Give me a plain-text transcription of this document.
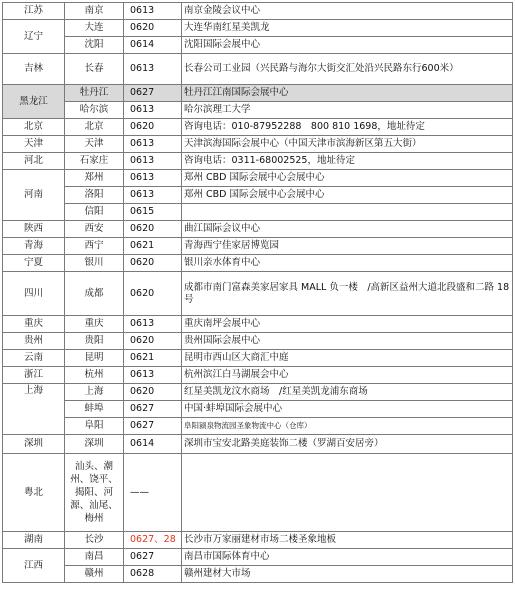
江苏	南京	0613	南京金陵会议中心
辽宁	大连	0620	大连华南红星美凯龙
	沈阳	0614	沈阳国际会展中心
吉林	长春	0613	长春公司工业园（兴民路与海尔大街交汇处沿兴民路东行600米）
黑龙江	牡丹江	0627	牡丹江江南国际会展中心
	哈尔滨	0613	哈尔滨理工大学
北京	北京	0620	咨询电话：010-87952288　800 810 1698，地址待定
天津	天津	0613	天津滨海国际会展中心（中国天津市滨海新区第五大街）
河北	石家庄	0613	咨询电话：0311-68002525，地址待定
河南	郑州	0613	郑州 CBD 国际会展中心会展中心
	洛阳	0613	郑州 CBD 国际会展中心会展中心
	信阳	0615	
陕西	西安	0620	曲江国际会议中心
青海	西宁	0621	青海西宁佳家居博览园
宁夏	银川	0620	银川亲水体育中心
四川	成都	0620	成都市南门富森美家居家具 MALL 负一楼　/高新区益州大道北段盛和二路 18 号
重庆	重庆	0613	重庆南坪会展中心
贵州	贵阳	0620	贵州国际会展中心
云南	昆明	0621	昆明市西山区大商汇中庭
浙江	杭州	0613	杭州滨江白马湖展会中心
上海	上海	0620	红星美凯龙汶水商场　/红星美凯龙浦东商场
	蚌埠	0627	中国·蚌埠国际会展中心
	阜阳	0627	阜阳颍泉物流园圣象物流中心（仓库）
深圳	深圳	0614	深圳市宝安北路美庭装饰二楼（罗湖百安居旁）
粤北	汕头、潮州、饶平、揭阳、河源、汕尾、梅州	——	
湖南	长沙	0627、28	长沙市万家丽建材市场二楼圣象地板
江西	南昌	0627	南昌市国际体育中心
	赣州	0628	赣州建材大市场
